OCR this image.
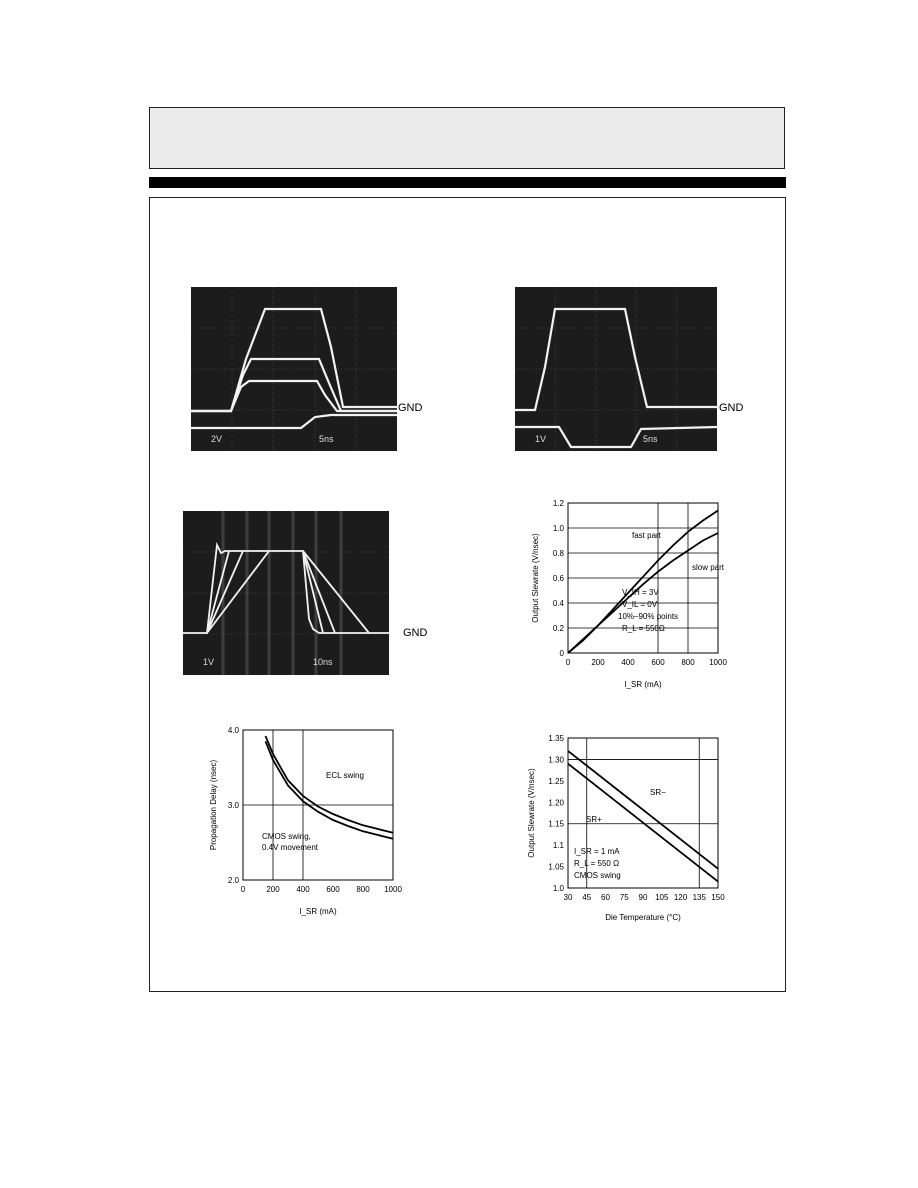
2V	5ns
GND
1V	5ns
GND
1V	10ns
GND
0	200 400 600 800 1000
0
0.2
0.4
0.6
0.8
1.0
1.2
Output Slewrate (V/nsec)
I_SR (mA)
fast part
slow part
V_IH = 3V
V_IL = 0V
10%–90% points
R_L = 550Ω
0	200 400 600 800 1000
2.0
3.0
4.0
Propagation Delay (nsec)
I_SR (mA)
ECL swing
CMOS swing,
0.4V movement
30 45 60 75 90 105 120 135 150
1.0
1.05
1.1
1.15
1.20
1.25
1.30
1.35
Output Slewrate (V/nsec)
Die Temperature (°C)
SR−
SR+
I_SR = 1 mA
R_L = 550 Ω
CMOS swing
